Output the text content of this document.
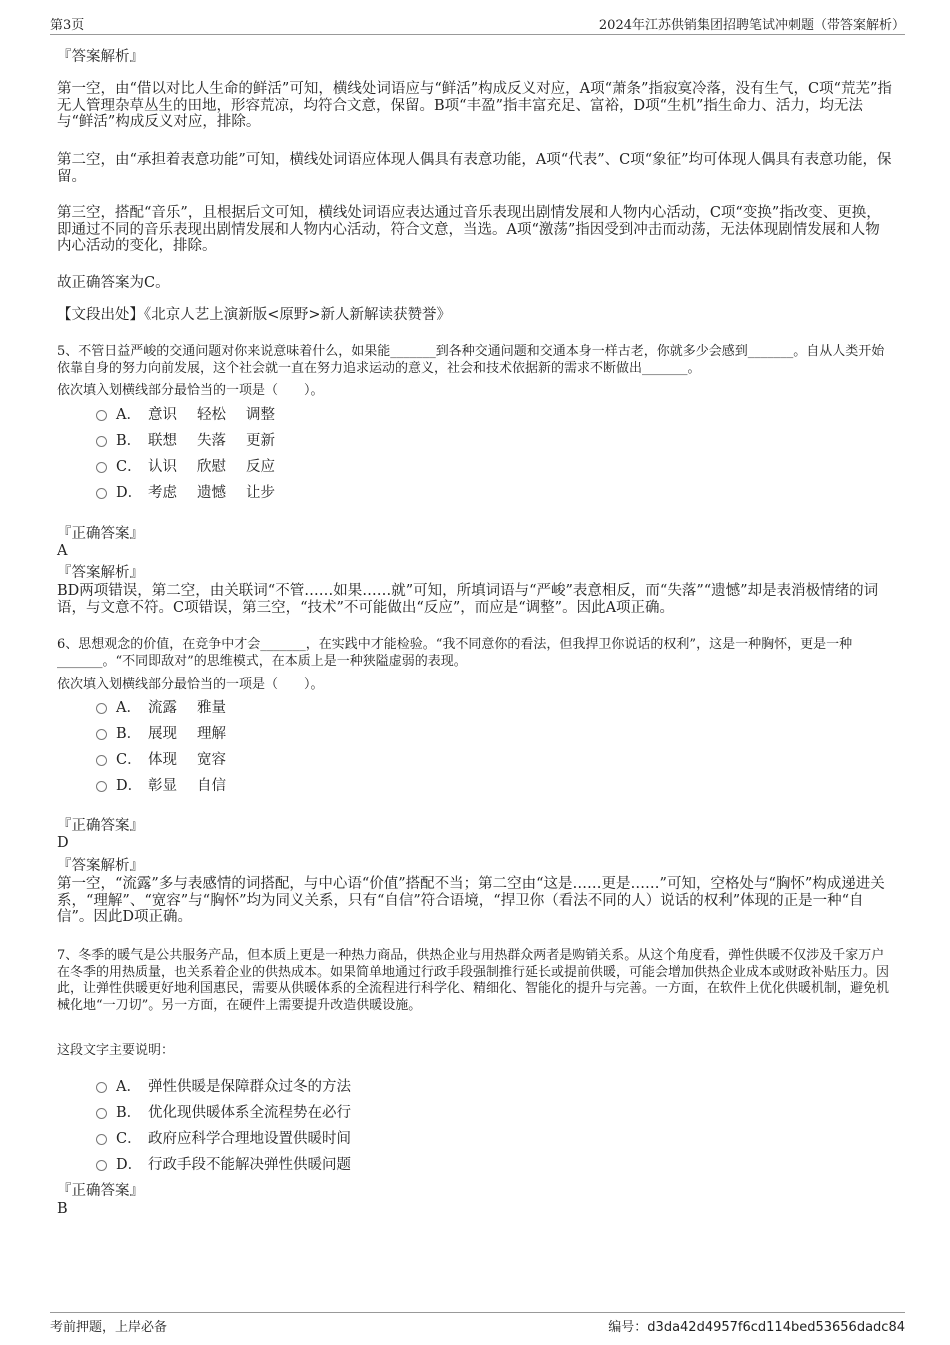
第3页	2024年江苏供销集团招聘笔试冲刺题（带答案解析）
『答案解析』
第一空，由“借以对比人生命的鲜活”可知，横线处词语应与“鲜活”构成反义对应，A项“萧条”指寂寞冷落，没有生气，C项“荒芜”指无人管理杂草丛生的田地，形容荒凉，均符合文意，保留。B项“丰盈”指丰富充足、富裕，D项“生机”指生命力、活力，均无法与“鲜活”构成反义对应，排除。
第二空，由“承担着表意功能”可知，横线处词语应体现人偶具有表意功能，A项“代表”、C项“象征”均可体现人偶具有表意功能，保留。
第三空，搭配“音乐”，且根据后文可知，横线处词语应表达通过音乐表现出剧情发展和人物内心活动，C项“变换”指改变、更换，即通过不同的音乐表现出剧情发展和人物内心活动，符合文意，当选。A项“激荡”指因受到冲击而动荡，无法体现剧情发展和人物内心活动的变化，排除。
故正确答案为C。
【文段出处】《北京人艺上演新版<原野>新人新解读获赞誉》
5、不管日益严峻的交通问题对你来说意味着什么，如果能_______到各种交通问题和交通本身一样古老，你就多少会感到_______。自从人类开始依靠自身的努力向前发展，这个社会就一直在努力追求运动的意义，社会和技术依据新的需求不断做出_______。
依次填入划横线部分最恰当的一项是（　　）。
A． 意识 轻松 调整
B． 联想 失落 更新
C． 认识 欣慰 反应
D． 考虑 遗憾 让步
『正确答案』
A
『答案解析』
BD两项错误，第二空，由关联词“不管……如果……就”可知，所填词语与“严峻”表意相反，而“失落”“遗憾”却是表消极情绪的词语，与文意不符。C项错误，第三空，“技术”不可能做出“反应”，而应是“调整”。因此A项正确。
6、思想观念的价值，在竞争中才会_______，在实践中才能检验。“我不同意你的看法，但我捍卫你说话的权利”，这是一种胸怀，更是一种_______。“不同即敌对”的思维模式，在本质上是一种狭隘虚弱的表现。
依次填入划横线部分最恰当的一项是（　　）。
A． 流露 雅量
B． 展现 理解
C． 体现 宽容
D． 彰显 自信
『正确答案』
D
『答案解析』
第一空，“流露”多与表感情的词搭配，与中心语“价值”搭配不当；第二空由“这是……更是……”可知，空格处与“胸怀”构成递进关系，“理解”、“宽容”与“胸怀”均为同义关系，只有“自信”符合语境，“捍卫你（看法不同的人）说话的权利”体现的正是一种“自信”。因此D项正确。
7、冬季的暖气是公共服务产品，但本质上更是一种热力商品，供热企业与用热群众两者是购销关系。从这个角度看，弹性供暖不仅涉及千家万户在冬季的用热质量，也关系着企业的供热成本。如果简单地通过行政手段强制推行延长或提前供暖，可能会增加供热企业成本或财政补贴压力。因此，让弹性供暖更好地利国惠民，需要从供暖体系的全流程进行科学化、精细化、智能化的提升与完善。一方面，在软件上优化供暖机制，避免机械化地“一刀切”。另一方面，在硬件上需要提升改造供暖设施。
这段文字主要说明：
A． 弹性供暖是保障群众过冬的方法
B． 优化现供暖体系全流程势在必行
C． 政府应科学合理地设置供暖时间
D． 行政手段不能解决弹性供暖问题
『正确答案』
B
考前押题，上岸必备	编号：d3da42d4957f6cd114bed53656dadc84
